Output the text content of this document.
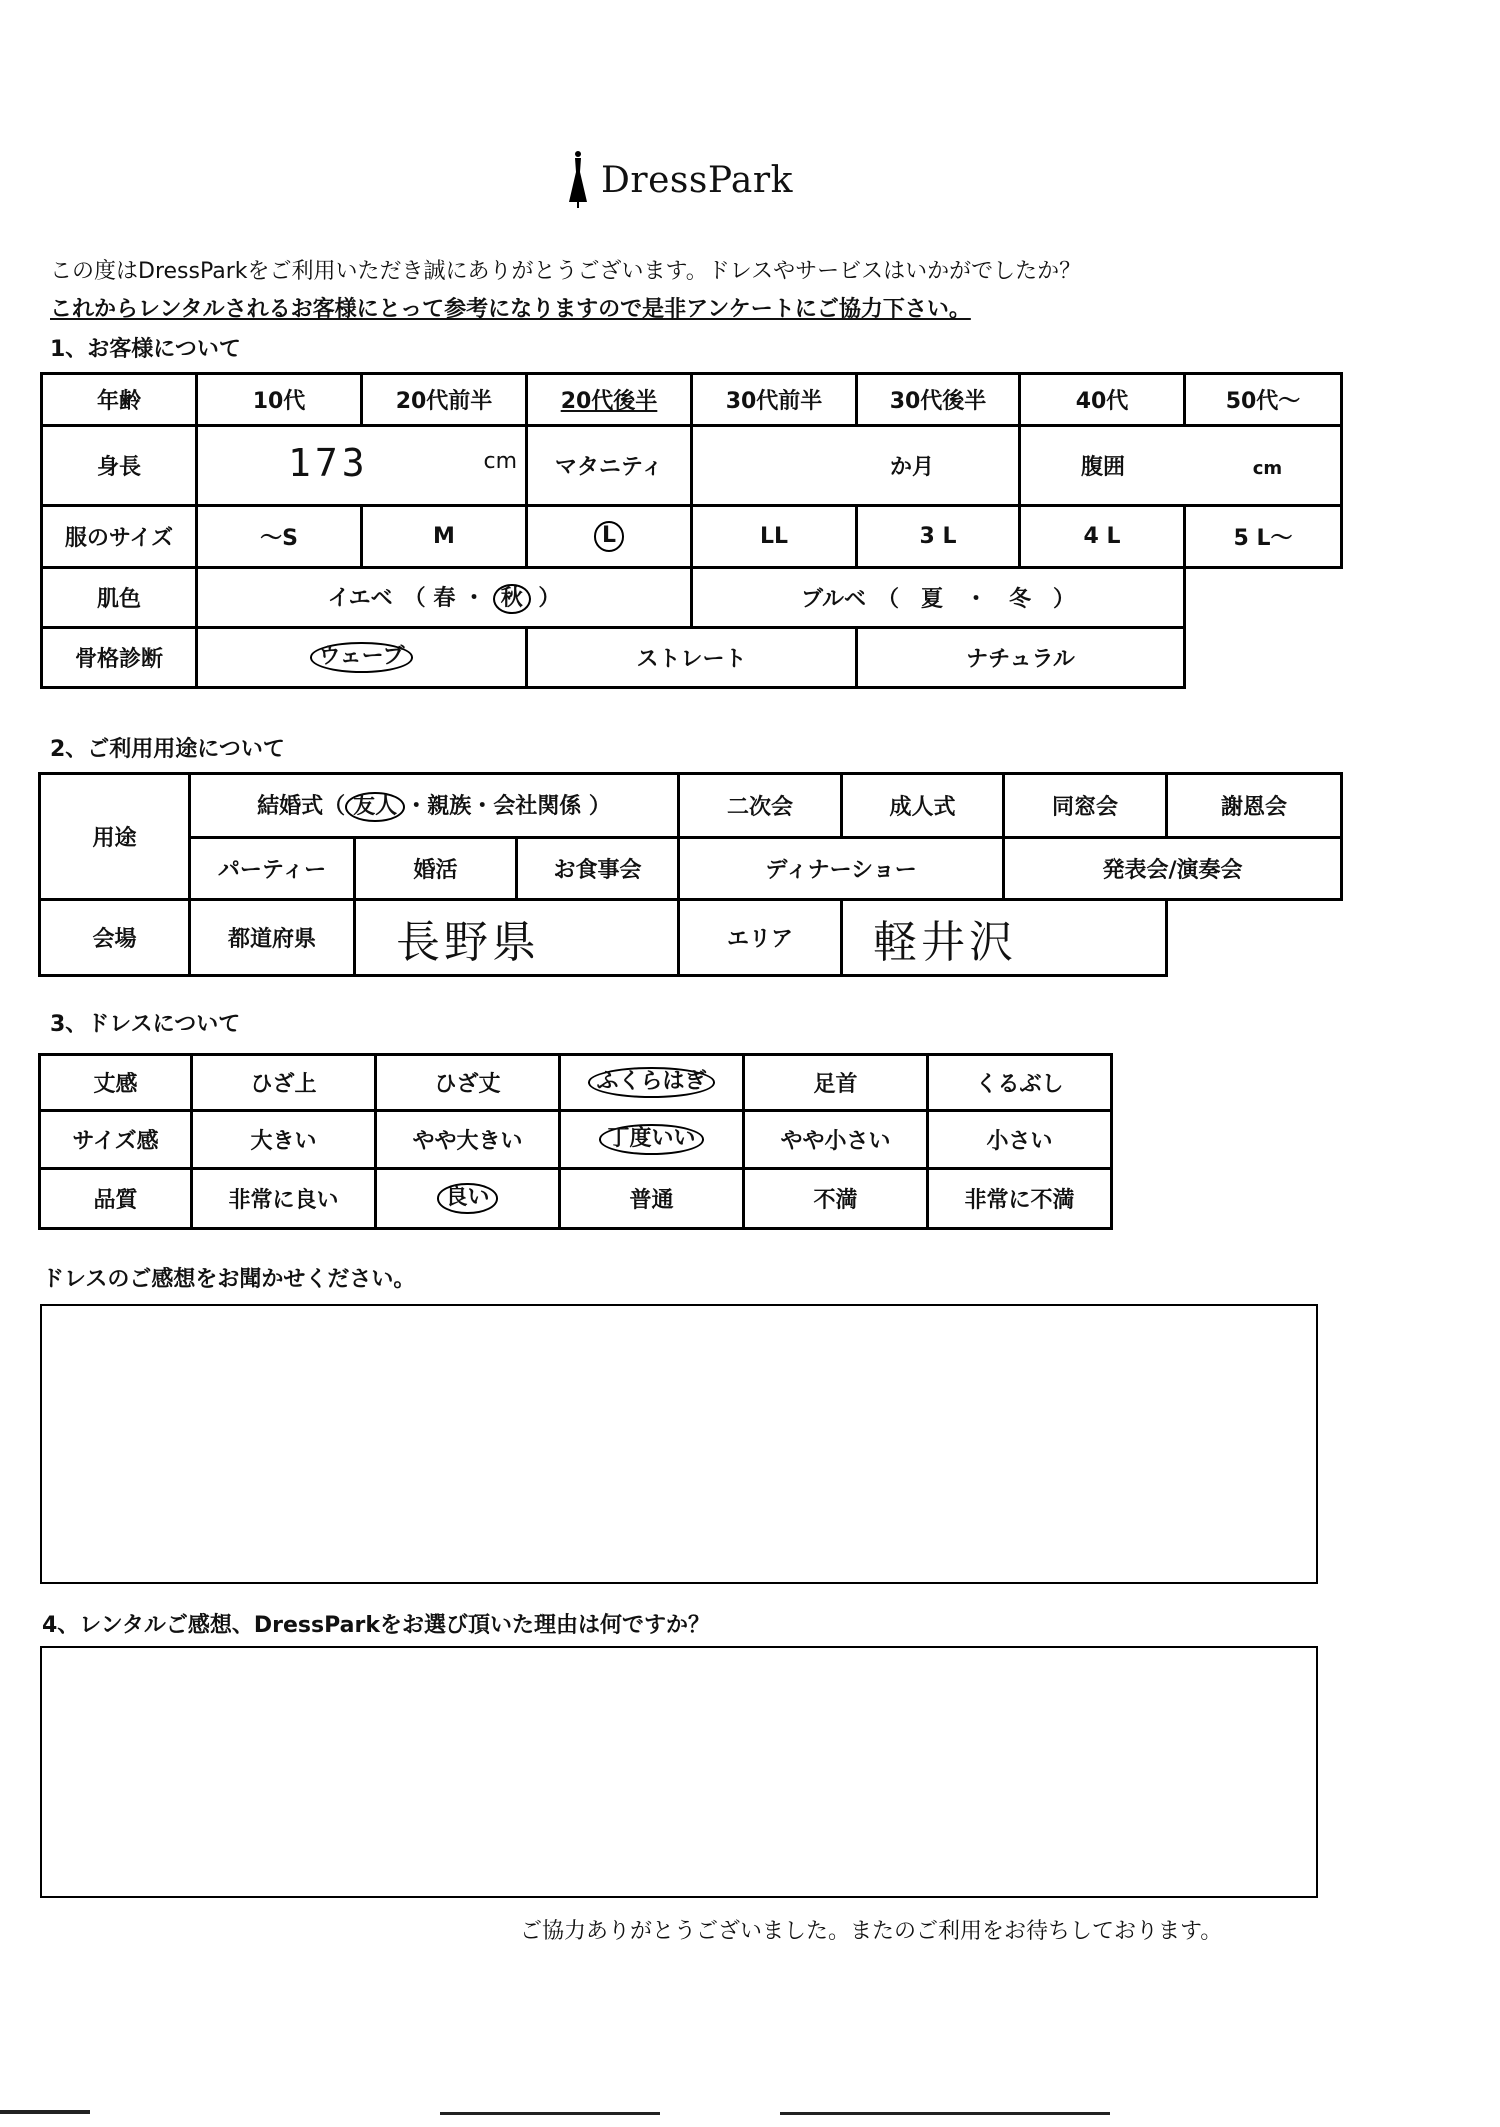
DressPark
この度はDressParkをご利用いただき誠にありがとうございます。ドレスやサービスはいかがでしたか？
これからレンタルされるお客様にとって参考になりますので是非アンケートにご協力下さい。
1、お客様について
年齢	10代	20代前半	20代後半	30代前半	30代後半	40代	50代～
身長	173 cm		マタニティ	か月		腹囲 cm	
服のサイズ	～S	M	L	LL	3 L	4 L	5 L～
肌色	イエベ　（ 春 ・ 秋 ）			ブルベ　（　夏　・　冬　）			
骨格診断	ウェーブ		ストレート		ナチュラル		
2、ご利用用途について
用途	結婚式（ 友人 ・親族・会社関係 ）			二次会	成人式	同窓会	謝恩会
	パーティー	婚活	お食事会	ディナーショー		発表会/演奏会	
会場	都道府県	長野県		エリア	軽井沢		
3、ドレスについて
丈感	ひざ上	ひざ丈	ふくらはぎ	足首	くるぶし
サイズ感	大きい	やや大きい	丁度いい	やや小さい	小さい
品質	非常に良い	良い	普通	不満	非常に不満
ドレスのご感想をお聞かせください。
4、レンタルご感想、DressParkをお選び頂いた理由は何ですか？
ご協力ありがとうございました。またのご利用をお待ちしております。
